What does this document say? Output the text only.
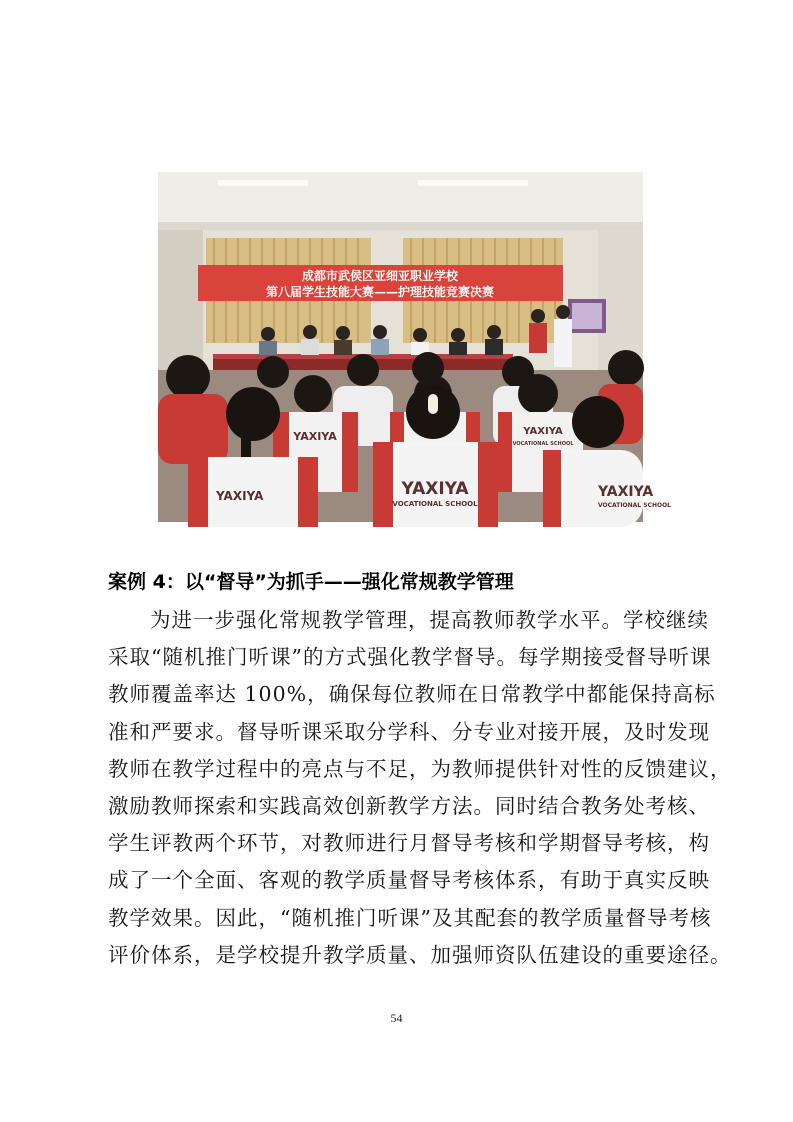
成都市武侯区亚细亚职业学校
第八届学生技能大赛——护理技能竞赛决赛
YAXIYA	YAXIYA
VOCATIONAL SCHOOL
YAXIYA	YAXIYA
VOCATIONAL SCHOOL
YAXIYA
VOCATIONAL SCHOOL
案例 4：以“督导”为抓手——强化常规教学管理
为进一步强化常规教学管理，提高教师教学水平。学校继续
采取“随机推门听课”的方式强化教学督导。每学期接受督导听课
教师覆盖率达 100%，确保每位教师在日常教学中都能保持高标
准和严要求。督导听课采取分学科、分专业对接开展，及时发现
教师在教学过程中的亮点与不足，为教师提供针对性的反馈建议，
激励教师探索和实践高效创新教学方法。同时结合教务处考核、
学生评教两个环节，对教师进行月督导考核和学期督导考核，构
成了一个全面、客观的教学质量督导考核体系，有助于真实反映
教学效果。因此，“随机推门听课”及其配套的教学质量督导考核
评价体系，是学校提升教学质量、加强师资队伍建设的重要途径。
54
